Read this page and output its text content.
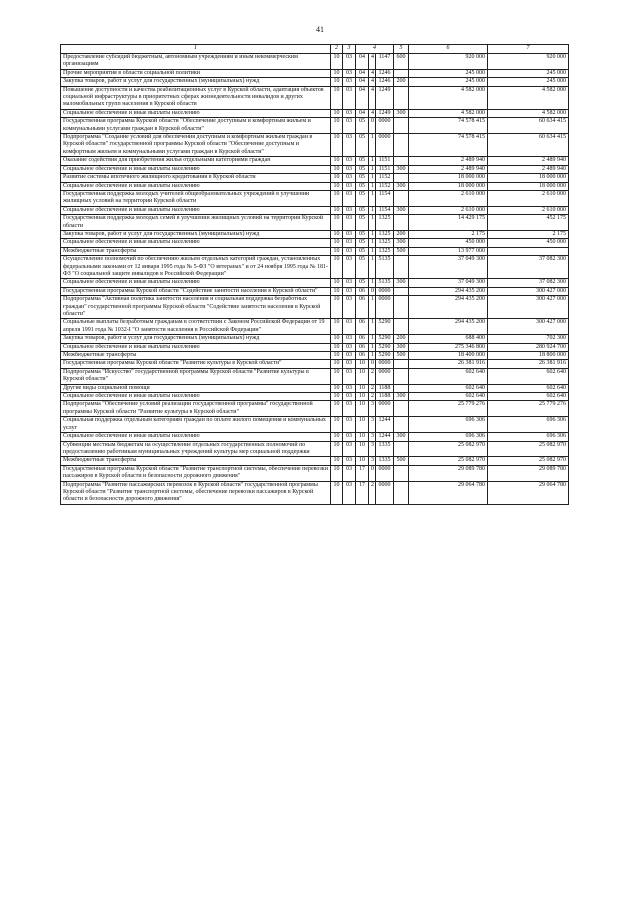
41
1	2	3	4			5	6	7
Предоставление субсидий бюджетным, автономным учреждениям и иным некоммерческим организациям	10	03	04	4	1147	600	920 000	920 000
Прочие мероприятия в области социальной политики	10	03	04	4	1246		245 000	245 000
Закупка товаров, работ и услуг для государственных (муниципальных) нужд	10	03	04	4	1246	200	245 000	245 000
Повышение доступности и качества реабилитационных услуг в Курской области, адаптация объектов социальной инфраструктуры в приоритетных сферах жизнедеятельности инвалидов и других маломобильных групп населения в Курской области	10	03	04	4	1249		4 582 000	4 582 000
Социальное обеспечение и иные выплаты населению	10	03	04	4	1249	300	4 582 000	4 582 000
Государственная программа Курской области "Обеспечение доступным и комфортным жильем и коммунальными услугами граждан в Курской области"	10	03	05	0	0000		74 578 415	60 634 415
Подпрограмма "Создание условий для обеспечения доступным и комфортным жильем граждан в Курской области" государственной программы Курской области "Обеспечение доступным и комфортным жильем и коммунальными услугами граждан в Курской области"	10	03	05	1	0000		74 578 415	60 634 415
Оказание содействия для приобретения жилья отдельными категориями граждан	10	03	05	1	1151		2 489 940	2 489 940
Социальное обеспечение и иные выплаты населению	10	03	05	1	1151	300	2 489 940	2 489 940
Развитие системы ипотечного жилищного кредитования в Курской области	10	03	05	1	1152		18 000 000	18 000 000
Социальное обеспечение и иные выплаты населению	10	03	05	1	1152	300	18 000 000	18 000 000
Государственная поддержка молодых учителей общеобразовательных учреждений в улучшении жилищных условий на территории Курской области	10	03	05	1	1154		2 610 000	2 610 000
Социальное обеспечение и иные выплаты населению	10	03	05	1	1154	300	2 610 000	2 610 000
Государственная поддержка молодых семей в улучшении жилищных условий на территории Курской области	10	03	05	1	1325		14 429 175	452 175
Закупка товаров, работ и услуг для государственных (муниципальных) нужд	10	03	05	1	1325	200	2 175	2 175
Социальное обеспечение и иные выплаты населению	10	03	05	1	1325	300	450 000	450 000
Межбюджетные трансферты	10	03	05	1	1325	500	13 977 000	
Осуществление полномочий по обеспечению жильем отдельных категорий граждан, установленных федеральными законами от 12 января 1995 года № 5-ФЗ "О ветеранах" и от 24 ноября 1995 года № 181-ФЗ "О социальной защите инвалидов в Российской Федерации"	10	03	05	1	5135		37 049 300	37 082 300
Социальное обеспечение и иные выплаты населению	10	03	05	1	5135	300	37 049 300	37 082 300
Государственная программа Курской области "Содействие занятости населения в Курской области"	10	03	06	0	0000		294 435 200	300 427 000
Подпрограмма "Активная политика занятости населения и социальная поддержка безработных граждан" государственной программы Курской области "Содействие занятости населения в Курской области"	10	03	06	1	0000		294 435 200	300 427 000
Социальные выплаты безработным гражданам в соответствии с Законом Российской Федерации от 19 апреля 1991 года № 1032-I "О занятости населения в Российской Федерации"	10	03	06	1	5290		294 435 200	300 427 000
Закупка товаров, работ и услуг для государственных (муниципальных) нужд	10	03	06	1	5290	200	688 400	702 300
Социальное обеспечение и иные выплаты населению	10	03	06	1	5290	300	275 346 800	280 924 700
Межбюджетные трансферты	10	03	06	1	5290	500	18 400 000	18 800 000
Государственная программа Курской области "Развитие культуры в Курской области"	10	03	10	0	0000		26 381 916	26 381 916
Подпрограмма "Искусство" государственной программы Курской области "Развитие культуры в Курской области"	10	03	10	2	0000		602 640	602 640
Другие виды социальной помощи	10	03	10	2	1188		602 640	602 640
Социальное обеспечение и иные выплаты населению	10	03	10	2	1188	300	602 640	602 640
Подпрограмма "Обеспечение условий реализации государственной программы" государственной программы Курской области "Развитие культуры в Курской области"	10	03	10	3	0000		25 779 276	25 779 276
Социальная поддержка отдельным категориям граждан по оплате жилого помещения и коммунальных услуг	10	03	10	3	1244		696 306	696 306
Социальное обеспечение и иные выплаты населению	10	03	10	3	1244	300	696 306	696 306
Субвенции местным бюджетам на осуществление отдельных государственных полномочий по предоставлению работникам муниципальных учреждений культуры мер социальной поддержки	10	03	10	3	1335		25 082 970	25 082 970
Межбюджетные трансферты	10	03	10	3	1335	500	25 082 970	25 082 970
Государственная программа Курской области "Развитие транспортной системы, обеспечение перевозки пассажиров в Курской области и безопасности дорожного движения"	10	03	17	0	0000		29 089 780	29 089 780
Подпрограмма "Развитие пассажирских перевозок в Курской области" государственной программы Курской области "Развитие транспортной системы, обеспечение перевозки пассажиров в Курской области и безопасности дорожного движения"	10	03	17	2	0000		29 064 780	29 064 780
